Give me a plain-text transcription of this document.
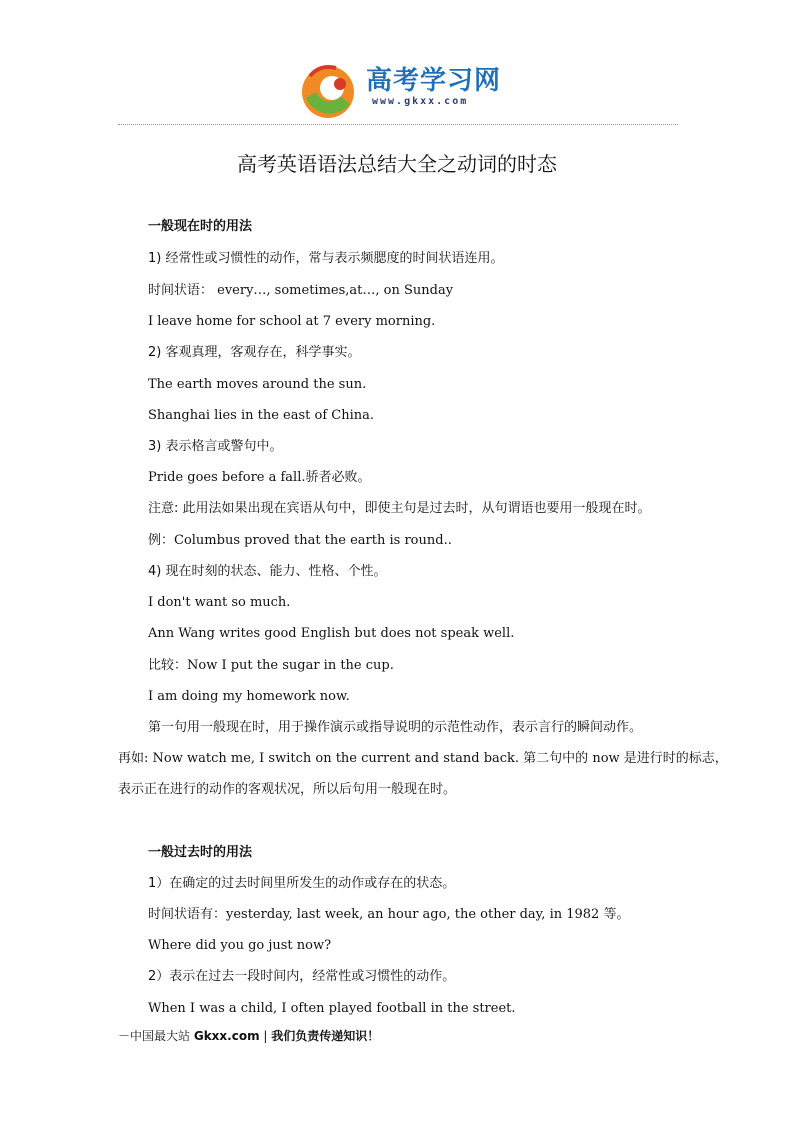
高考学习网
www.gkxx.com
高考英语语法总结大全之动词的时态
一般现在时的用法
1) 经常性或习惯性的动作，常与表示频腮度的时间状语连用。
时间状语： every…, sometimes,at…, on Sunday
I leave home for school at 7 every morning.
2) 客观真理，客观存在，科学事实。
The earth moves around the sun.
Shanghai lies in the east of China.
3) 表示格言或警句中。
Pride goes before a fall.骄者必败。
注意: 此用法如果出现在宾语从句中，即使主句是过去时，从句谓语也要用一般现在时。
例：Columbus proved that the earth is round..
4) 现在时刻的状态、能力、性格、个性。
I don't want so much.
Ann Wang writes good English but does not speak well.
比较：Now I put the sugar in the cup.
I am doing my homework now.
第一句用一般现在时，用于操作演示或指导说明的示范性动作，表示言行的瞬间动作。
再如: Now watch me, I switch on the current and stand back. 第二句中的 now 是进行时的标志，
表示正在进行的动作的客观状况，所以后句用一般现在时。
一般过去时的用法
1）在确定的过去时间里所发生的动作或存在的状态。
时间状语有：yesterday, last week, an hour ago, the other day, in 1982 等。
Where did you go just now?
2）表示在过去一段时间内，经常性或习惯性的动作。
When I was a child, I often played football in the street.
－中国最大站 Gkxx.com | 我们负责传递知识！
